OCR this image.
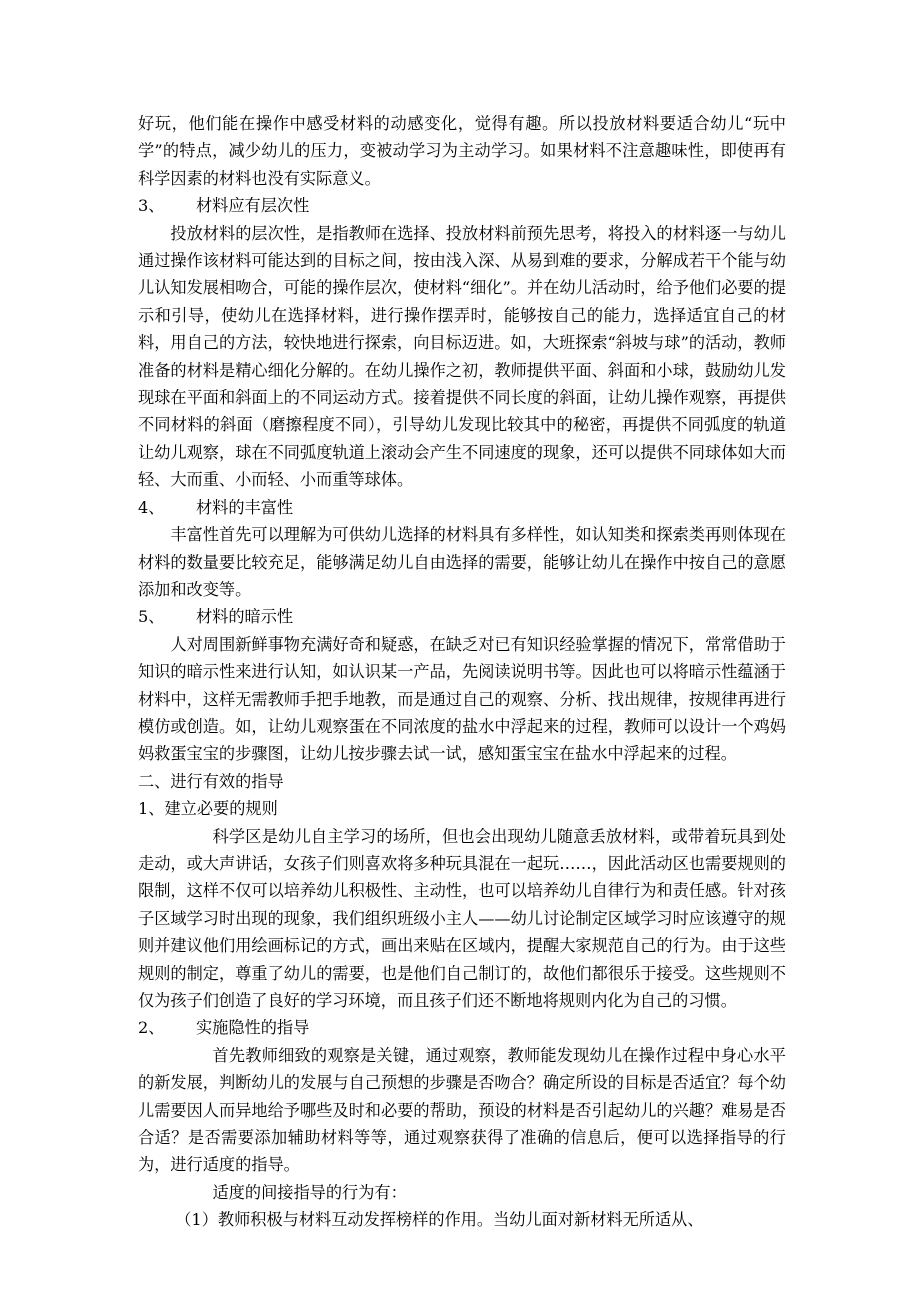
好玩，他们能在操作中感受材料的动感变化，觉得有趣。所以投放材料要适合幼儿“玩中学”的特点，减少幼儿的压力，变被动学习为主动学习。如果材料不注意趣味性，即使再有科学因素的材料也没有实际意义。

3、 材料应有层次性

投放材料的层次性，是指教师在选择、投放材料前预先思考，将投入的材料逐一与幼儿通过操作该材料可能达到的目标之间，按由浅入深、从易到难的要求，分解成若干个能与幼儿认知发展相吻合，可能的操作层次，使材料“细化”。并在幼儿活动时，给予他们必要的提示和引导，使幼儿在选择材料，进行操作摆弄时，能够按自己的能力，选择适宜自己的材料，用自己的方法，较快地进行探索，向目标迈进。如，大班探索“斜坡与球”的活动，教师准备的材料是精心细化分解的。在幼儿操作之初，教师提供平面、斜面和小球，鼓励幼儿发现球在平面和斜面上的不同运动方式。接着提供不同长度的斜面，让幼儿操作观察，再提供不同材料的斜面（磨擦程度不同），引导幼儿发现比较其中的秘密，再提供不同弧度的轨道让幼儿观察，球在不同弧度轨道上滚动会产生不同速度的现象，还可以提供不同球体如大而轻、大而重、小而轻、小而重等球体。

4、 材料的丰富性

丰富性首先可以理解为可供幼儿选择的材料具有多样性，如认知类和探索类再则体现在材料的数量要比较充足，能够满足幼儿自由选择的需要，能够让幼儿在操作中按自己的意愿添加和改变等。

5、 材料的暗示性

人对周围新鲜事物充满好奇和疑惑，在缺乏对已有知识经验掌握的情况下，常常借助于知识的暗示性来进行认知，如认识某一产品，先阅读说明书等。因此也可以将暗示性蕴涵于材料中，这样无需教师手把手地教，而是通过自己的观察、分析、找出规律，按规律再进行模仿或创造。如，让幼儿观察蛋在不同浓度的盐水中浮起来的过程，教师可以设计一个鸡妈妈救蛋宝宝的步骤图，让幼儿按步骤去试一试，感知蛋宝宝在盐水中浮起来的过程。

二、进行有效的指导

1、建立必要的规则

科学区是幼儿自主学习的场所，但也会出现幼儿随意丢放材料，或带着玩具到处走动，或大声讲话，女孩子们则喜欢将多种玩具混在一起玩……，因此活动区也需要规则的限制，这样不仅可以培养幼儿积极性、主动性，也可以培养幼儿自律行为和责任感。针对孩子区域学习时出现的现象，我们组织班级小主人——幼儿讨论制定区域学习时应该遵守的规则并建议他们用绘画标记的方式，画出来贴在区域内，提醒大家规范自己的行为。由于这些规则的制定，尊重了幼儿的需要，也是他们自己制订的，故他们都很乐于接受。这些规则不仅为孩子们创造了良好的学习环境，而且孩子们还不断地将规则内化为自己的习惯。

2、 实施隐性的指导

首先教师细致的观察是关键，通过观察，教师能发现幼儿在操作过程中身心水平的新发展，判断幼儿的发展与自己预想的步骤是否吻合？确定所设的目标是否适宜？每个幼儿需要因人而异地给予哪些及时和必要的帮助，预设的材料是否引起幼儿的兴趣？难易是否合适？是否需要添加辅助材料等等，通过观察获得了准确的信息后，便可以选择指导的行为，进行适度的指导。

适度的间接指导的行为有：

（1）教师积极与材料互动发挥榜样的作用。当幼儿面对新材料无所适从、
